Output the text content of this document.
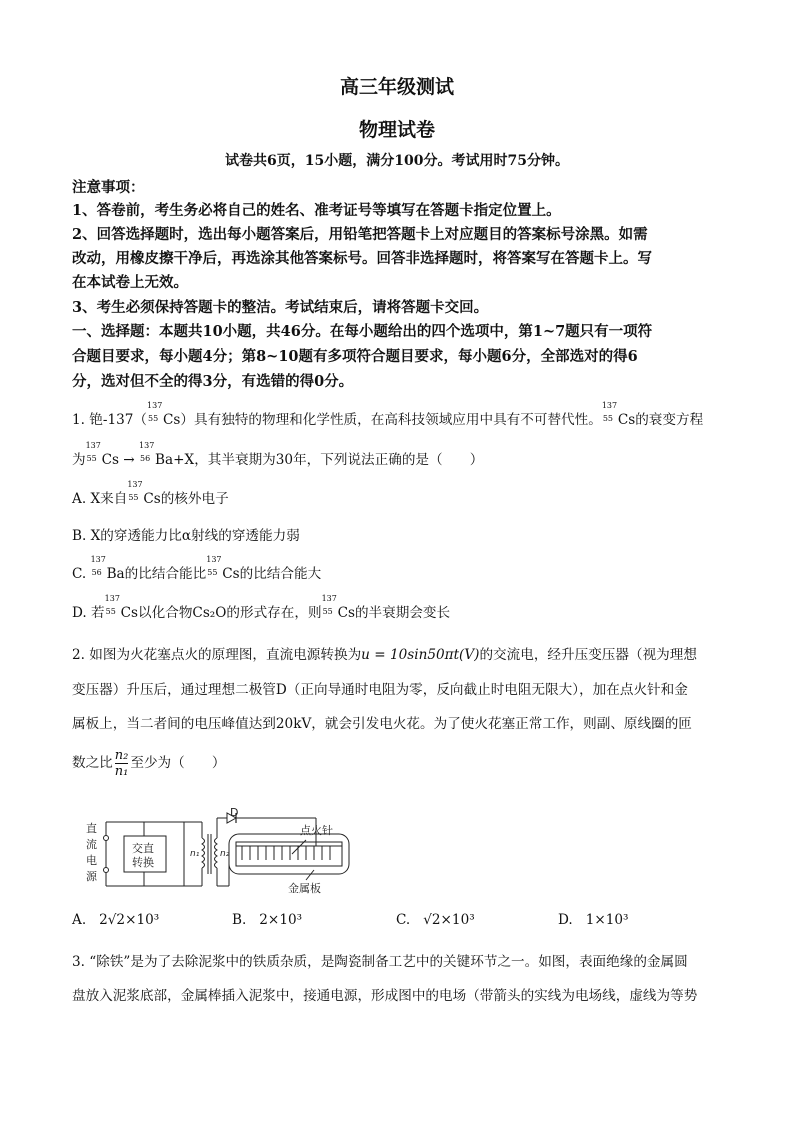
高三年级测试
物理试卷
试卷共6页，15小题，满分100分。考试用时75分钟。
注意事项：
1、答卷前，考生务必将自己的姓名、准考证号等填写在答题卡指定位置上。
2、回答选择题时，选出每小题答案后，用铅笔把答题卡上对应题目的答案标号涂黑。如需
改动，用橡皮擦干净后，再选涂其他答案标号。回答非选择题时，将答案写在答题卡上。写
在本试卷上无效。
3、考生必须保持答题卡的整洁。考试结束后，请将答题卡交回。
一、选择题：本题共10小题，共46分。在每小题给出的四个选项中，第1~7题只有一项符
合题目要求，每小题4分；第8~10题有多项符合题目要求，每小题6分，全部选对的得6
分，选对但不全的得3分，有选错的得0分。
1. 铯-137（
137
55 Cs）具有独特的物理和化学性质，在高科技领域应用中具有不可替代性。
137
55 Cs的衰变方程
为
137
55 Cs →
137
56 Ba+X，其半衰期为30年，下列说法正确的是（　　）
A. X来自
137
55 Cs的核外电子
B. X的穿透能力比α射线的穿透能力弱
C.
137
56 Ba的比结合能比
137
55 Cs的比结合能大
D. 若
137
55 Cs以化合物Cs₂O的形式存在，则
137
55 Cs的半衰期会变长
2. 如图为火花塞点火的原理图，直流电源转换为u = 10sin50πt(V)的交流电，经升压变压器（视为理想
变压器）升压后，通过理想二极管D（正向导通时电阻为零，反向截止时电阻无限大），加在点火针和金
属板上，当二者间的电压峰值达到20kV，就会引发电火花。为了使火花塞正常工作，则副、原线圈的匝
数之比 $\frac{\text{n₂}}{\text{n₁}}$ 至少为（　　）
直
流
电
源
交直
转换
D
n₁ n₂
点火针
金属板
A. 2√2×10³	B. 2×10³	C. √2×10³	D. 1×10³
3. “除铁”是为了去除泥浆中的铁质杂质，是陶瓷制备工艺中的关键环节之一。如图，表面绝缘的金属圆
盘放入泥浆底部，金属棒插入泥浆中，接通电源，形成图中的电场（带箭头的实线为电场线，虚线为等势
